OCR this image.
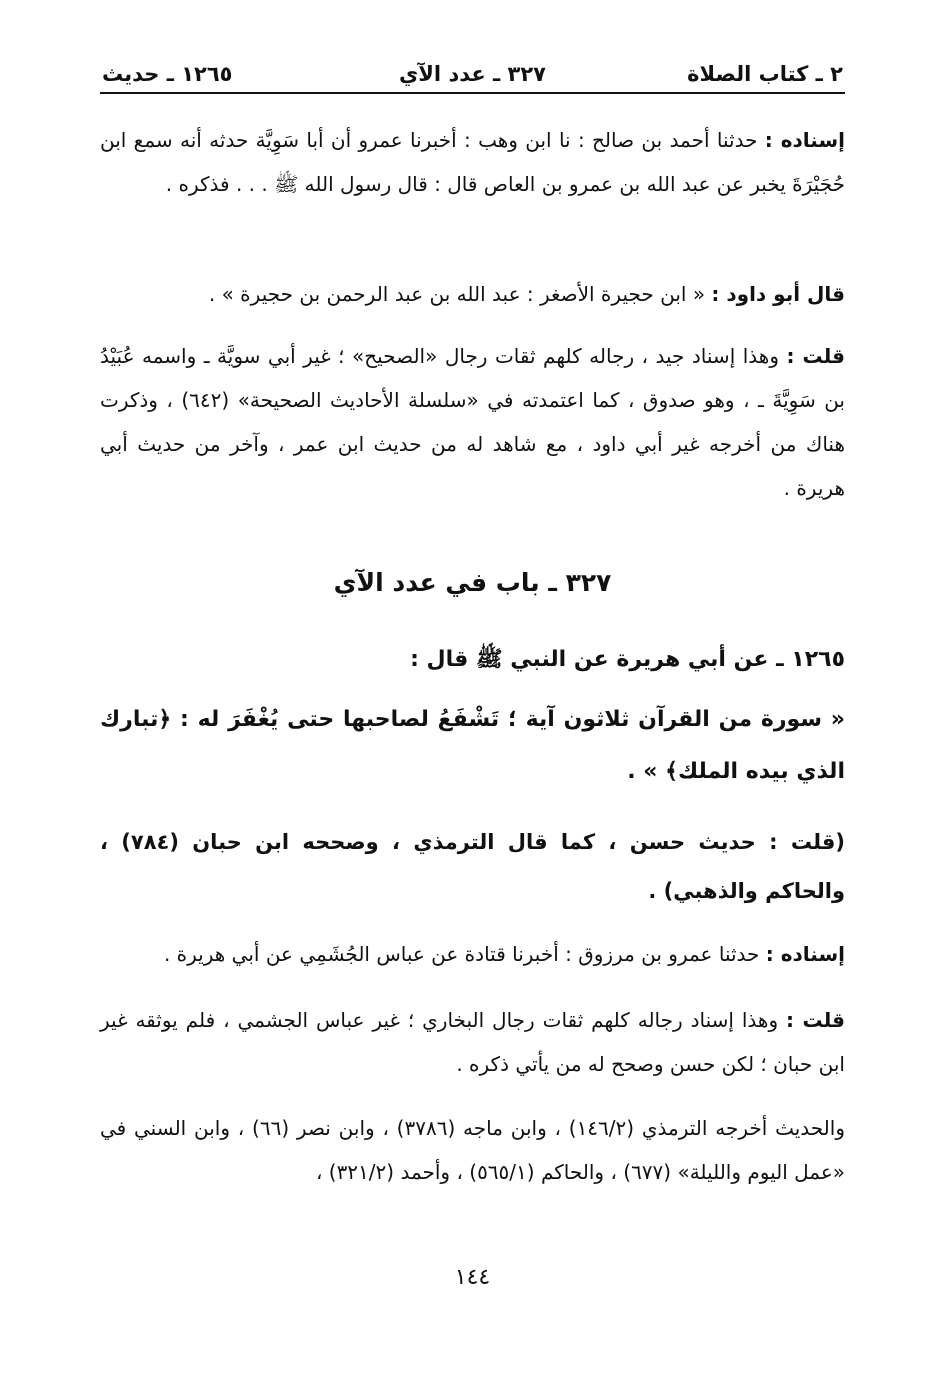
٢ ـ كتاب الصلاة
٣٢٧ ـ عدد الآي
١٢٦٥ ـ حديث

إسناده : حدثنا أحمد بن صالح : نا ابن وهب : أخبرنا عمرو أن أبا سَوِيَّة حدثه أنه سمع ابن حُجَيْرَةَ يخبر عن عبد الله بن عمرو بن العاص قال : قال رسول الله ﷺ . . . فذكره .

قال أبو داود : « ابن حجيرة الأصغر : عبد الله بن عبد الرحمن بن حجيرة » .

قلت : وهذا إسناد جيد ، رجاله كلهم ثقات رجال «الصحيح» ؛ غير أبي سويَّة ـ واسمه عُبَيْدُ بن سَوِيَّةَ ـ ، وهو صدوق ، كما اعتمدته في «سلسلة الأحاديث الصحيحة» (٦٤٢) ، وذكرت هناك من أخرجه غير أبي داود ، مع شاهد له من حديث ابن عمر ، وآخر من حديث أبي هريرة .

٣٢٧ ـ باب في عدد الآي

١٢٦٥ ـ عن أبي هريرة عن النبي ﷺ قال :

« سورة من القرآن ثلاثون آية ؛ تَشْفَعُ لصاحبها حتى يُغْفَرَ له : ﴿تبارك الذي بيده الملك﴾ » .

(قلت : حديث حسن ، كما قال الترمذي ، وصححه ابن حبان (٧٨٤) ، والحاكم والذهبي) .

إسناده : حدثنا عمرو بن مرزوق : أخبرنا قتادة عن عباس الجُشَمِي عن أبي هريرة .

قلت : وهذا إسناد رجاله كلهم ثقات رجال البخاري ؛ غير عباس الجشمي ، فلم يوثقه غير ابن حبان ؛ لكن حسن وصحح له من يأتي ذكره .

والحديث أخرجه الترمذي (١٤٦/٢) ، وابن ماجه (٣٧٨٦) ، وابن نصر (٦٦) ، وابن السني في «عمل اليوم والليلة» (٦٧٧) ، والحاكم (٥٦٥/١) ، وأحمد (٣٢١/٢) ،

١٤٤
